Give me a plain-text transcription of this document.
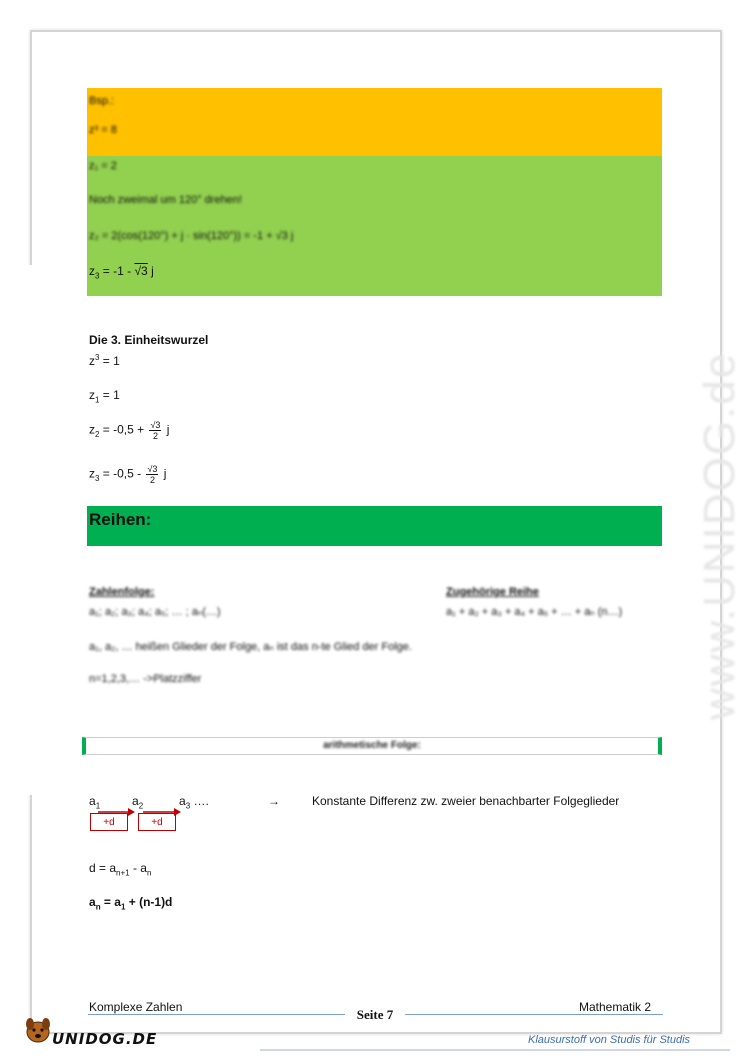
www.UNIDOG.de
Bsp.:
z³ = 8
z₁ = 2
Noch zweimal um 120° drehen!
z₂ = 2(cos(120°) + j · sin(120°)) = -1 + √3 j
$z_3 = -1 - √3$ j
Die 3. Einheitswurzel
$z^3 = 1$
$z_1 = 1$
$z_2 = -0,5 + \frac{√3}{2}$ j
$z_3 = -0,5 - \frac{√3}{2}$ j
Reihen:
Zahlenfolge:
a₁; a₂; a₃; a₄; a₅; … ; aₙ(…)
Zugehörige Reihe
a₁ + a₂ + a₃ + a₄ + a₅ + … + aₙ (n…)
a₁, a₂, … heißen Glieder der Folge, aₙ ist das n-te Glied der Folge.
n=1,2,3,… ->Platzziffer
arithmetische Folge:
$a_1$	$a_2$	$a_3$ ….	→	Konstante Differenz zw. zweier benachbarter Folgeglieder
+d	+d
$d = a_{n+1} - a_n$
$a_n = a_1 + (n-1)d$
Komplexe Zahlen	Mathematik 2
Seite 7
UNIDOG.DE	Klausurstoff von Studis für Studis
